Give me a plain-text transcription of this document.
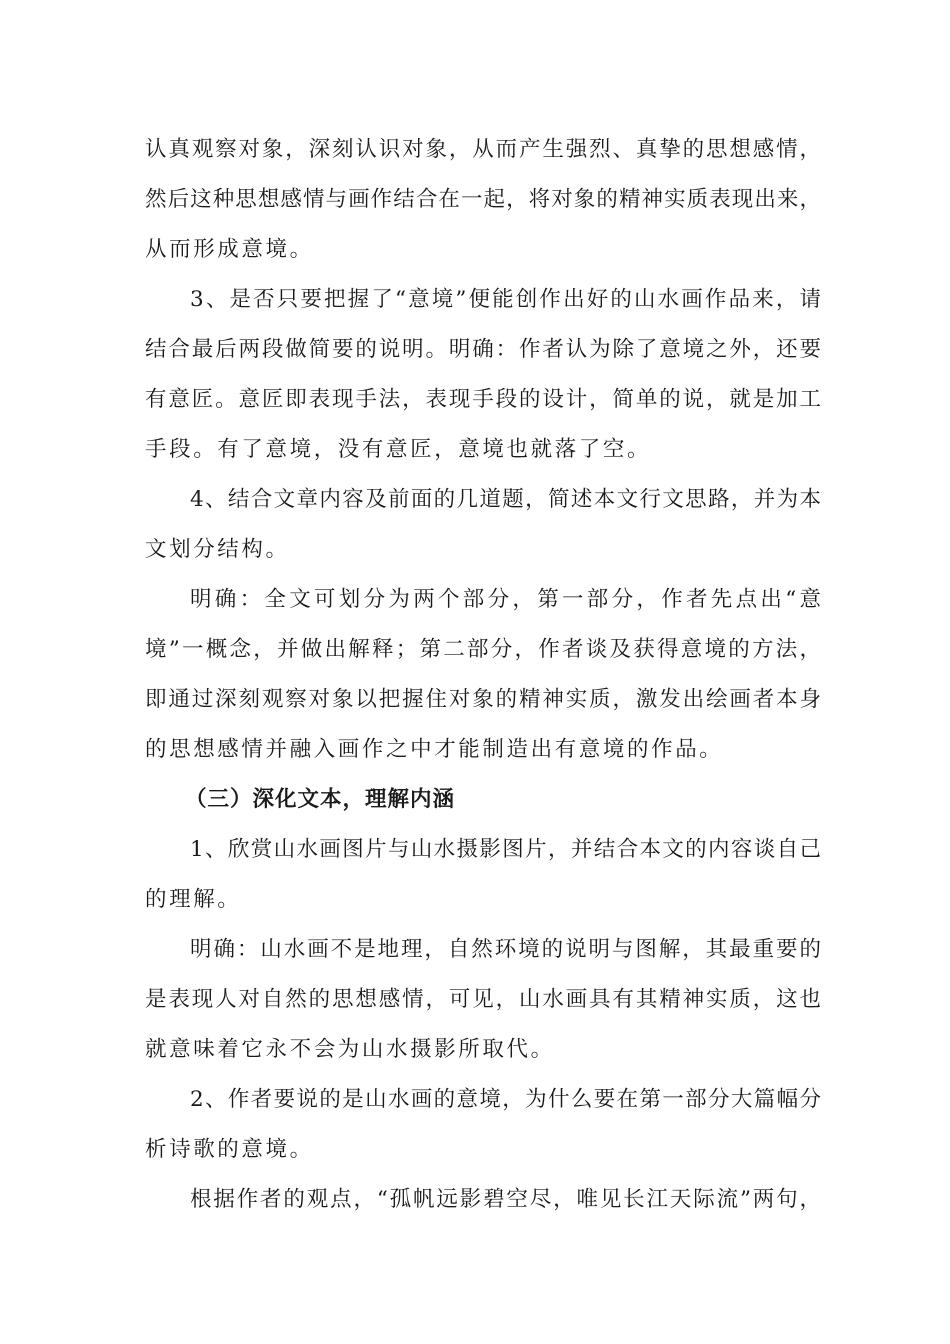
认真观察对象，深刻认识对象，从而产生强烈、真挚的思想感情，
然后这种思想感情与画作结合在一起，将对象的精神实质表现出来，
从而形成意境。
3、是否只要把握了“意境”便能创作出好的山水画作品来，请
结合最后两段做简要的说明。明确：作者认为除了意境之外，还要
有意匠。意匠即表现手法，表现手段的设计，简单的说，就是加工
手段。有了意境，没有意匠，意境也就落了空。
4、结合文章内容及前面的几道题，简述本文行文思路，并为本
文划分结构。
明确：全文可划分为两个部分，第一部分，作者先点出“意
境”一概念，并做出解释；第二部分，作者谈及获得意境的方法，
即通过深刻观察对象以把握住对象的精神实质，激发出绘画者本身
的思想感情并融入画作之中才能制造出有意境的作品。
（三）深化文本，理解内涵
1、欣赏山水画图片与山水摄影图片，并结合本文的内容谈自己
的理解。
明确：山水画不是地理，自然环境的说明与图解，其最重要的
是表现人对自然的思想感情，可见，山水画具有其精神实质，这也
就意味着它永不会为山水摄影所取代。
2、作者要说的是山水画的意境，为什么要在第一部分大篇幅分
析诗歌的意境。
根据作者的观点，“孤帆远影碧空尽，唯见长江天际流”两句，
